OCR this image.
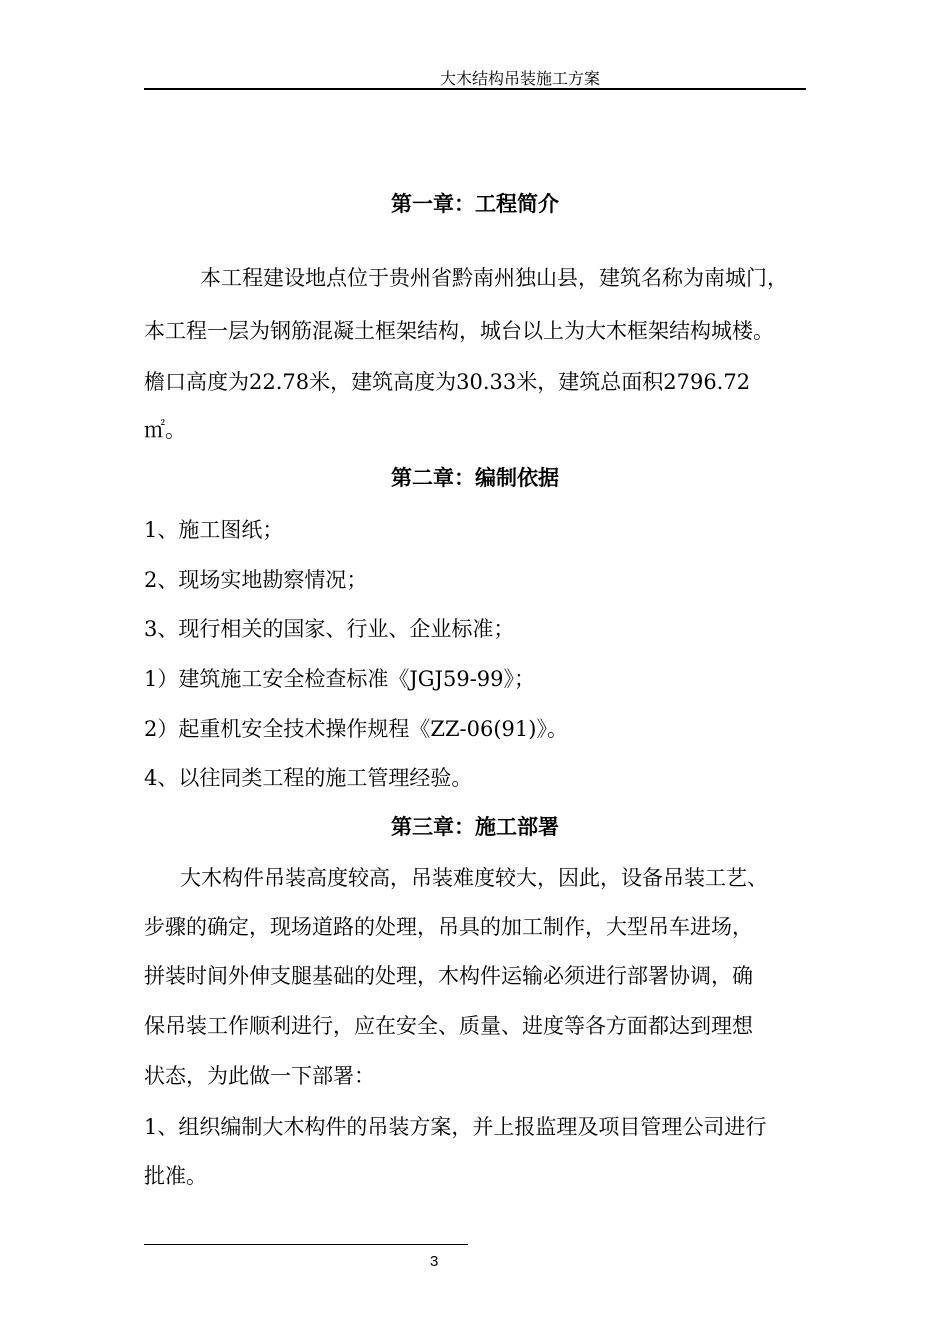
大木结构吊装施工方案
第一章：工程简介
本工程建设地点位于贵州省黔南州独山县，建筑名称为南城门，
本工程一层为钢筋混凝土框架结构，城台以上为大木框架结构城楼。
檐口高度为22.78米，建筑高度为30.33米，建筑总面积2796.72
㎡。
第二章：编制依据
1、施工图纸；
2、现场实地勘察情况；
3、现行相关的国家、行业、企业标准；
1）建筑施工安全检查标准《JGJ59-99》；
2）起重机安全技术操作规程《ZZ-06(91)》。
4、以往同类工程的施工管理经验。
第三章：施工部署
大木构件吊装高度较高，吊装难度较大，因此，设备吊装工艺、
步骤的确定，现场道路的处理，吊具的加工制作，大型吊车进场，
拼装时间外伸支腿基础的处理，木构件运输必须进行部署协调，确
保吊装工作顺利进行，应在安全、质量、进度等各方面都达到理想
状态，为此做一下部署：
1、组织编制大木构件的吊装方案，并上报监理及项目管理公司进行
批准。
3
